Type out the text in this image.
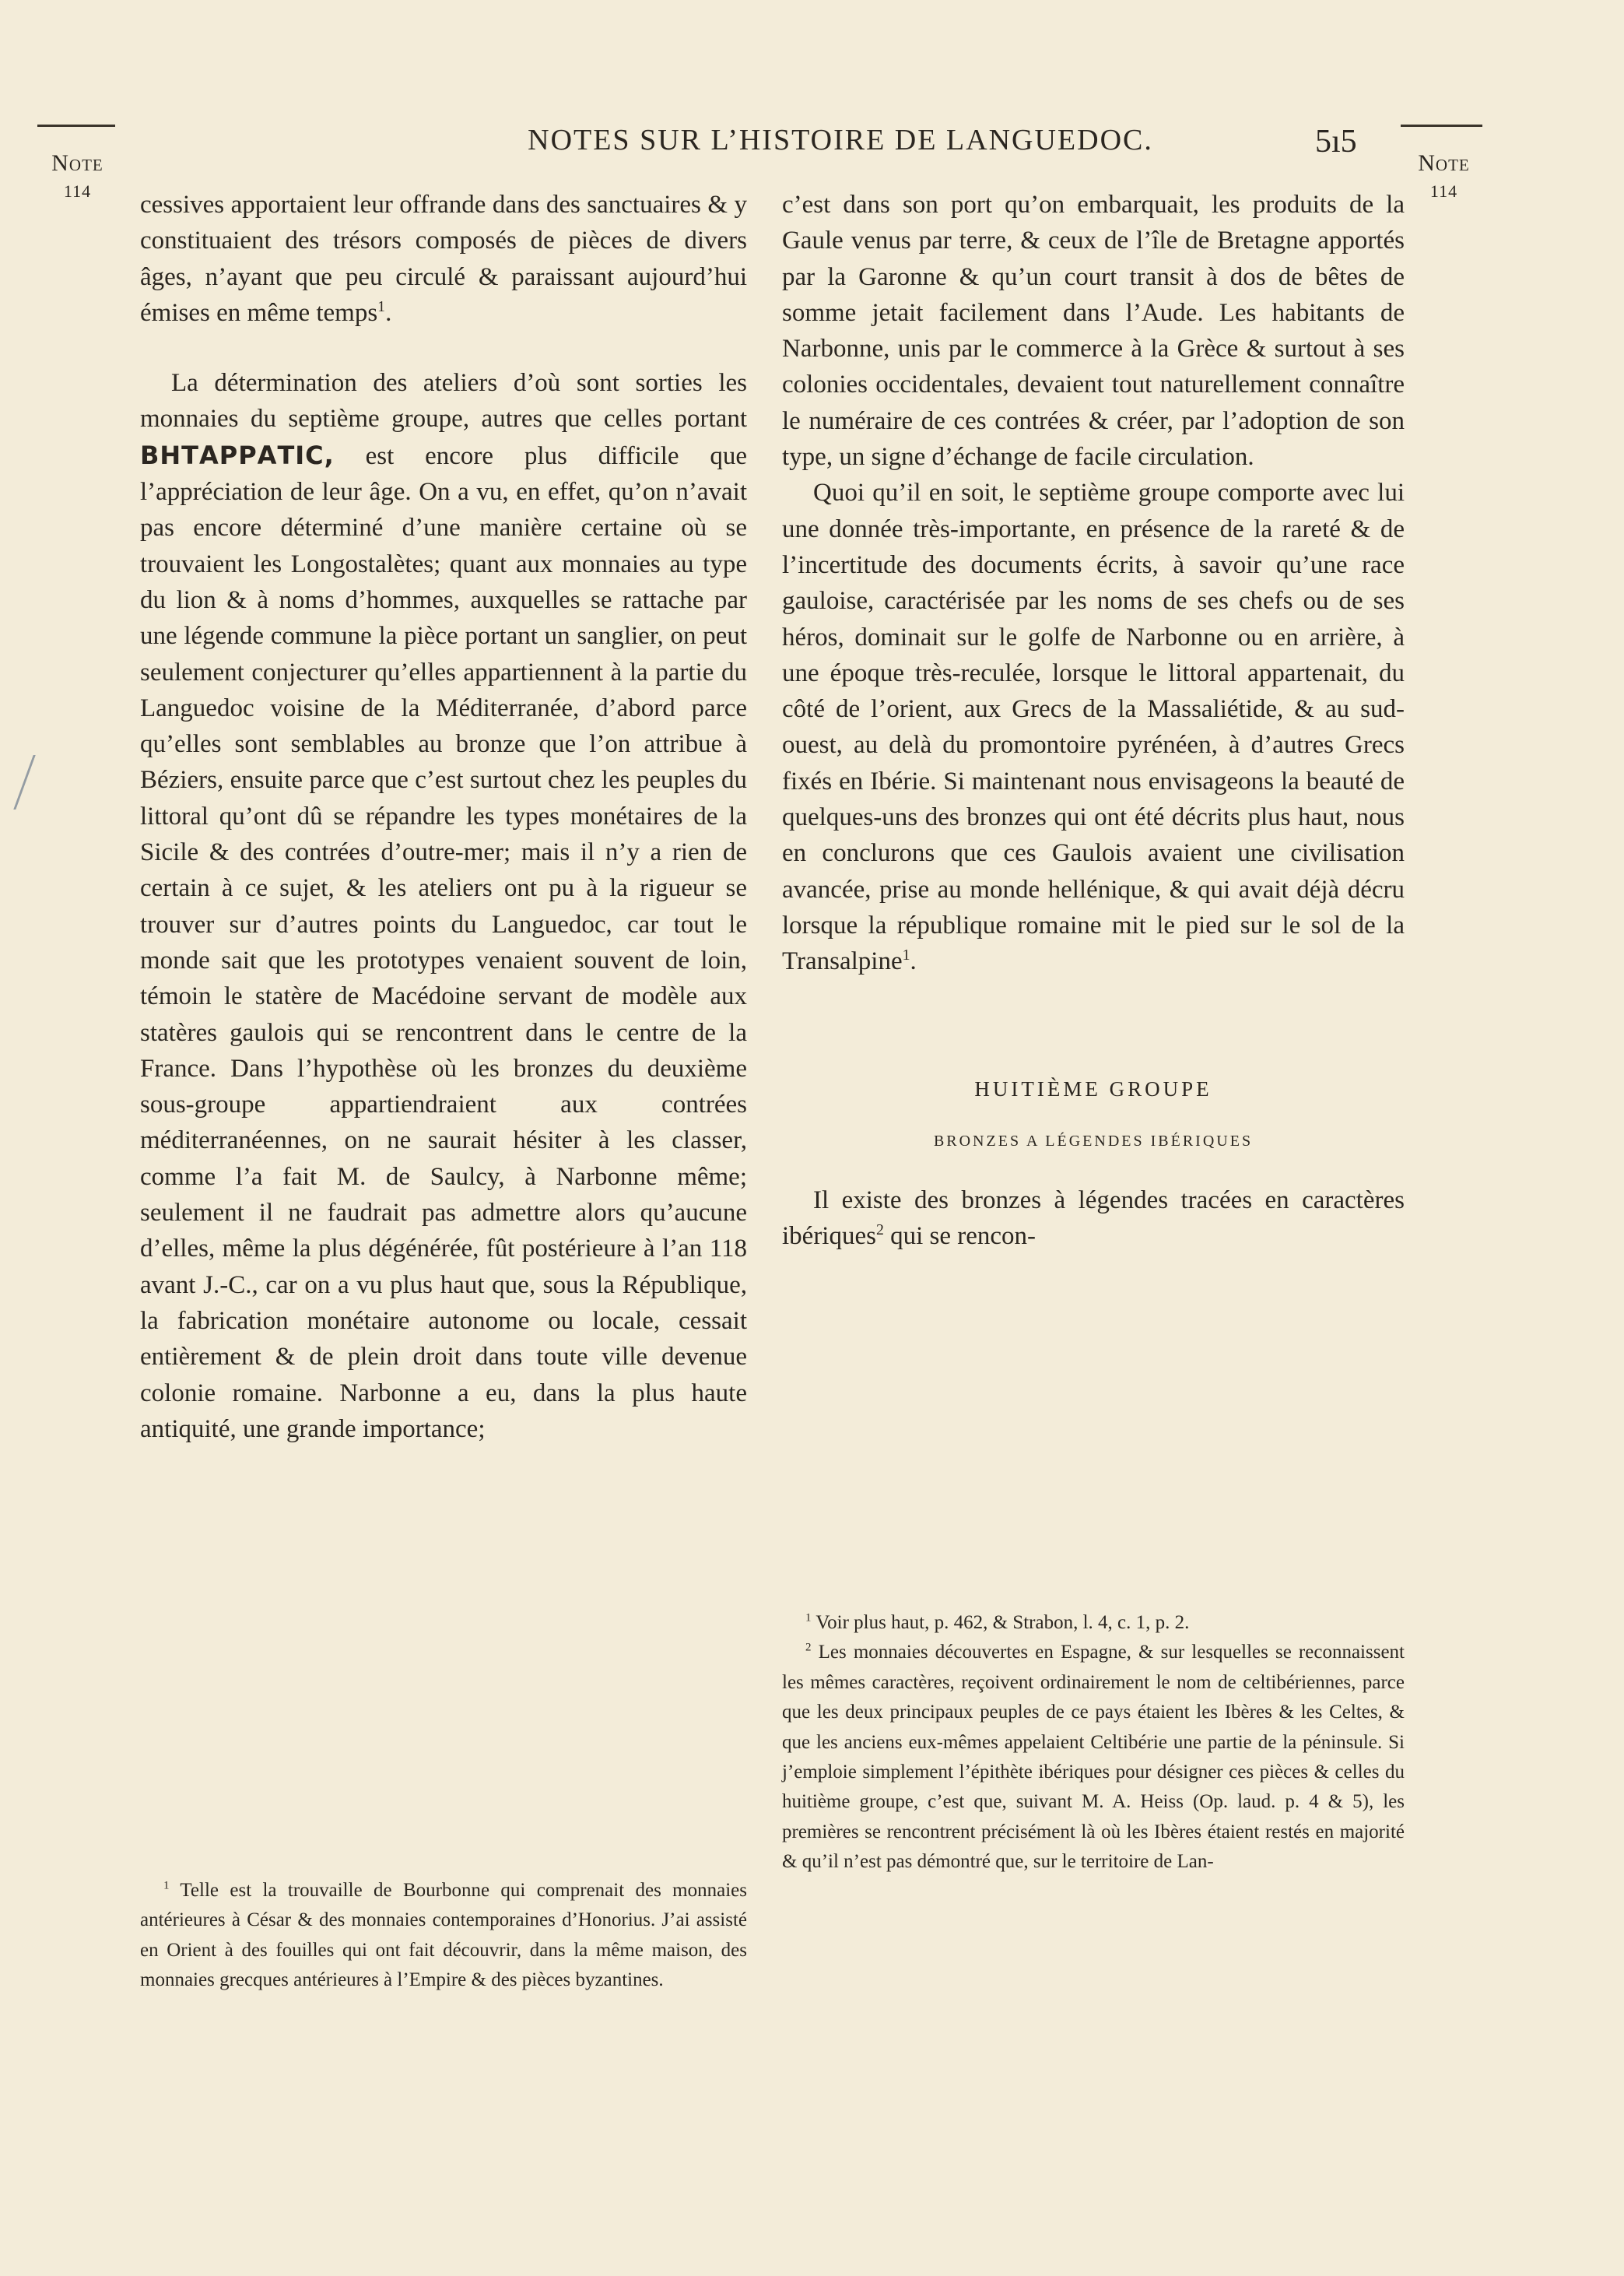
Note
114
Note
114
NOTES SUR L’HISTOIRE DE LANGUEDOC.	5ı5

cessives apportaient leur offrande dans des sanctuaires & y constituaient des trésors composés de pièces de divers âges, n’ayant que peu circulé & paraissant aujourd’hui émises en même temps$^1$.

La détermination des ateliers d’où sont sorties les monnaies du septième groupe, autres que celles portant ΒΗΤΑΡΡΑΤΙC, est encore plus difficile que l’appréciation de leur âge. On a vu, en effet, qu’on n’avait pas encore déterminé d’une manière certaine où se trouvaient les Longostalètes; quant aux monnaies au type du lion & à noms d’hommes, auxquelles se rattache par une légende commune la pièce portant un sanglier, on peut seulement conjecturer qu’elles appartiennent à la partie du Languedoc voisine de la Méditerranée, d’abord parce qu’elles sont semblables au bronze que l’on attribue à Béziers, ensuite parce que c’est surtout chez les peuples du littoral qu’ont dû se répandre les types monétaires de la Sicile & des contrées d’outre-mer; mais il n’y a rien de certain à ce sujet, & les ateliers ont pu à la rigueur se trouver sur d’autres points du Languedoc, car tout le monde sait que les prototypes venaient souvent de loin, témoin le statère de Macédoine servant de modèle aux statères gaulois qui se rencontrent dans le centre de la France. Dans l’hypothèse où les bronzes du deuxième sous-groupe appartiendraient aux contrées méditerranéennes, on ne saurait hésiter à les classer, comme l’a fait M. de Saulcy, à Narbonne même; seulement il ne faudrait pas admettre alors qu’aucune d’elles, même la plus dégénérée, fût postérieure à l’an 118 avant J.-C., car on a vu plus haut que, sous la République, la fabrication monétaire autonome ou locale, cessait entièrement & de plein droit dans toute ville devenue colonie romaine. Narbonne a eu, dans la plus haute antiquité, une grande importance;

$^1$ Telle est la trouvaille de Bourbonne qui comprenait des monnaies antérieures à César & des monnaies contemporaines d’Honorius. J’ai assisté en Orient à des fouilles qui ont fait découvrir, dans la même maison, des monnaies grecques antérieures à l’Empire & des pièces byzantines.

c’est dans son port qu’on embarquait, les produits de la Gaule venus par terre, & ceux de l’île de Bretagne apportés par la Garonne & qu’un court transit à dos de bêtes de somme jetait facilement dans l’Aude. Les habitants de Narbonne, unis par le commerce à la Grèce & surtout à ses colonies occidentales, devaient tout naturellement connaître le numéraire de ces contrées & créer, par l’adoption de son type, un signe d’échange de facile circulation.

Quoi qu’il en soit, le septième groupe comporte avec lui une donnée très-importante, en présence de la rareté & de l’incertitude des documents écrits, à savoir qu’une race gauloise, caractérisée par les noms de ses chefs ou de ses héros, dominait sur le golfe de Narbonne ou en arrière, à une époque très-reculée, lorsque le littoral appartenait, du côté de l’orient, aux Grecs de la Massaliétide, & au sud-ouest, au delà du promontoire pyrénéen, à d’autres Grecs fixés en Ibérie. Si maintenant nous envisageons la beauté de quelques-uns des bronzes qui ont été décrits plus haut, nous en conclurons que ces Gaulois avaient une civilisation avancée, prise au monde hellénique, & qui avait déjà décru lorsque la république romaine mit le pied sur le sol de la Transalpine$^1$.

HUITIÈME GROUPE

BRONZES A LÉGENDES IBÉRIQUES

Il existe des bronzes à légendes tracées en caractères ibériques$^2$ qui se rencon-

$^1$ Voir plus haut, p. 462, & Strabon, l. 4, c. 1, p. 2.

$^2$ Les monnaies découvertes en Espagne, & sur lesquelles se reconnaissent les mêmes caractères, reçoivent ordinairement le nom de celtibériennes, parce que les deux principaux peuples de ce pays étaient les Ibères & les Celtes, & que les anciens eux-mêmes appelaient Celtibérie une partie de la péninsule. Si j’emploie simplement l’épithète ibériques pour désigner ces pièces & celles du huitième groupe, c’est que, suivant M. A. Heiss (Op. laud. p. 4 & 5), les premières se rencontrent précisément là où les Ibères étaient restés en majorité & qu’il n’est pas démontré que, sur le territoire de Lan-
